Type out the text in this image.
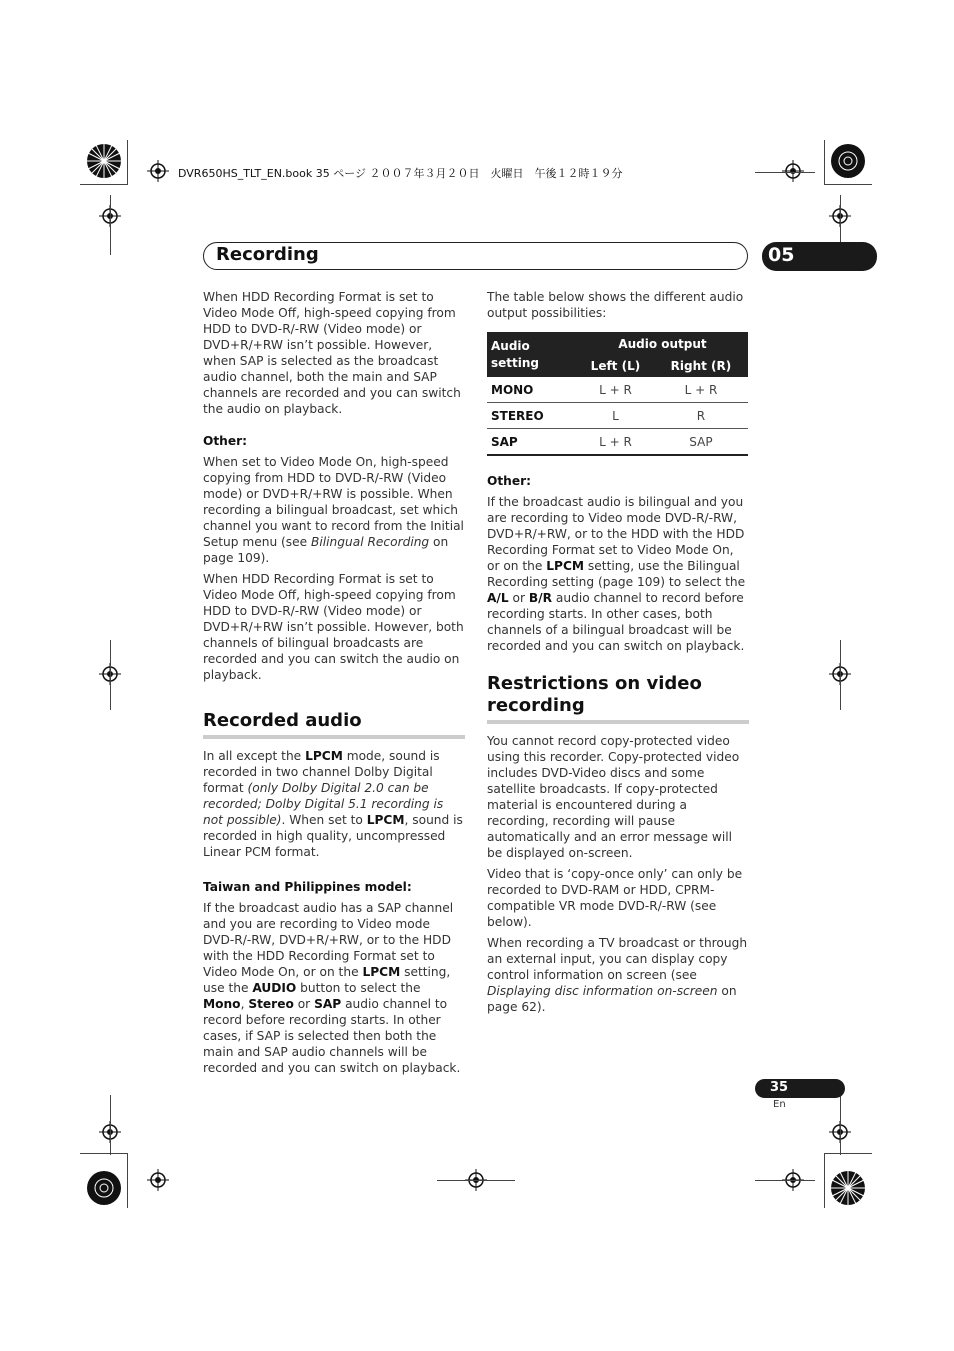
DVR650HS_TLT_EN.book 35 ページ ２００７年３月２０日　火曜日　午後１２時１９分
Recording	05

When HDD Recording Format is set to Video Mode Off, high-speed copying from HDD to DVD-R/-RW (Video mode) or DVD+R/+RW isn’t possible. However, when SAP is selected as the broadcast audio channel, both the main and SAP channels are recorded and you can switch the audio on playback.

Other:

When set to Video Mode On, high-speed copying from HDD to DVD-R/-RW (Video mode) or DVD+R/+RW is possible. When recording a bilingual broadcast, set which channel you want to record from the Initial Setup menu (see Bilingual Recording on page 109).

When HDD Recording Format is set to Video Mode Off, high-speed copying from HDD to DVD-R/-RW (Video mode) or DVD+R/+RW isn’t possible. However, both channels of bilingual broadcasts are recorded and you can switch the audio on playback.

Recorded audio

In all except the LPCM mode, sound is recorded in two channel Dolby Digital format (only Dolby Digital 2.0 can be recorded; Dolby Digital 5.1 recording is not possible). When set to LPCM, sound is recorded in high quality, uncompressed Linear PCM format.

Taiwan and Philippines model:

If the broadcast audio has a SAP channel and you are recording to Video mode DVD-R/-RW, DVD+R/+RW, or to the HDD with the HDD Recording Format set to Video Mode On, or on the LPCM setting, use the AUDIO button to select the Mono, Stereo or SAP audio channel to record before recording starts. In other cases, if SAP is selected then both the main and SAP audio channels will be recorded and you can switch on playback.

The table below shows the different audio output possibilities:

Audio setting	Audio output	
	Left (L)	Right (R)
MONO	L + R	L + R
STEREO	L	R
SAP	L + R	SAP

Other:

If the broadcast audio is bilingual and you are recording to Video mode DVD-R/-RW, DVD+R/+RW, or to the HDD with the HDD Recording Format set to Video Mode On, or on the LPCM setting, use the Bilingual Recording setting (page 109) to select the A/L or B/R audio channel to record before recording starts. In other cases, both channels of a bilingual broadcast will be recorded and you can switch on playback.

Restrictions on video recording

You cannot record copy-protected video using this recorder. Copy-protected video includes DVD-Video discs and some satellite broadcasts. If copy-protected material is encountered during a recording, recording will pause automatically and an error message will be displayed on-screen.

Video that is ‘copy-once only’ can only be recorded to DVD-RAM or HDD, CPRM-compatible VR mode DVD-R/-RW (see below).

When recording a TV broadcast or through an external input, you can display copy control information on screen (see Displaying disc information on-screen on page 62).

35
En
